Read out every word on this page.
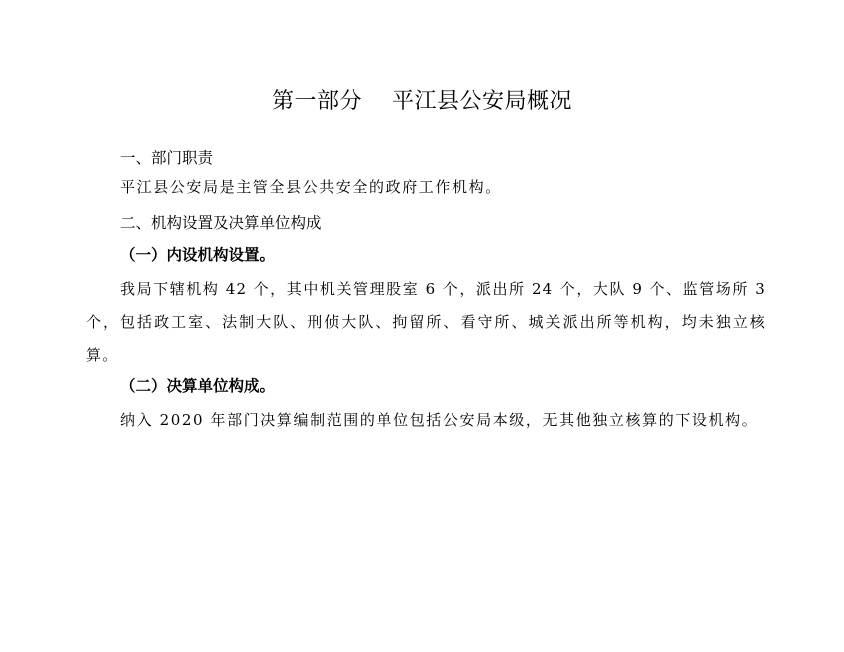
第一部分    平江县公安局概况
一、部门职责

平江县公安局是主管全县公共安全的政府工作机构。

二、机构设置及决算单位构成
（一）内设机构设置。

我局下辖机构 42 个，其中机关管理股室 6 个，派出所 24 个，大队 9 个、监管场所 3 个，包括政工室、法制大队、刑侦大队、拘留所、看守所、城关派出所等机构，均未独立核算。

（二）决算单位构成。

纳入 2020 年部门决算编制范围的单位包括公安局本级，无其他独立核算的下设机构。
